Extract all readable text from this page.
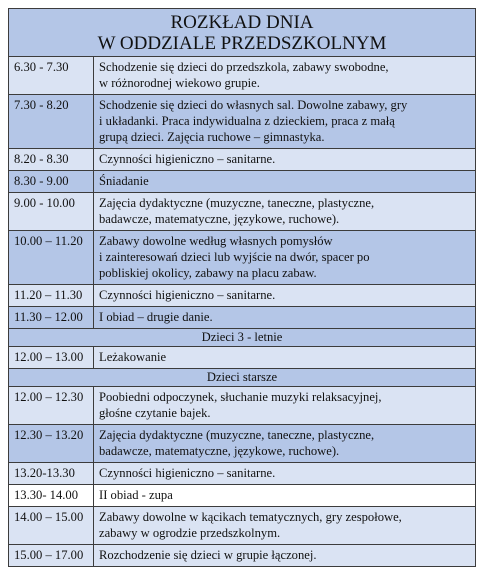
ROZKŁAD DNIA
W ODDZIALE PRZEDSZKOLNYM	

6.30 - 7.30	Schodzenie się dzieci do przedszkola, zabawy swobodne,
w różnorodnej wiekowo grupie.

7.30 - 8.20	Schodzenie się dzieci do własnych sal. Dowolne zabawy, gry
i układanki. Praca indywidualna z dzieckiem, praca z małą
grupą dzieci. Zajęcia ruchowe – gimnastyka.

8.20 - 8.30	Czynności higieniczno – sanitarne.

8.30 - 9.00	Śniadanie

9.00 - 10.00	Zajęcia dydaktyczne (muzyczne, taneczne, plastyczne,
badawcze, matematyczne, językowe, ruchowe).

10.00 – 11.20	Zabawy dowolne według własnych pomysłów
i zainteresowań dzieci lub wyjście na dwór, spacer po
pobliskiej okolicy, zabawy na placu zabaw.

11.20 – 11.30	Czynności higieniczno – sanitarne.

11.30 – 12.00	I obiad – drugie danie.

Dzieci 3 - letnie	
12.00 – 13.00	Leżakowanie

Dzieci starsze	
12.00 – 12.30	Poobiedni odpoczynek, słuchanie muzyki relaksacyjnej,
głośne czytanie bajek.

12.30 – 13.20	Zajęcia dydaktyczne (muzyczne, taneczne, plastyczne,
badawcze, matematyczne, językowe, ruchowe).

13.20-13.30	Czynności higieniczno – sanitarne.

13.30- 14.00	II obiad - zupa

14.00 – 15.00	Zabawy dowolne w kącikach tematycznych, gry zespołowe,
zabawy w ogrodzie przedszkolnym.

15.00 – 17.00	Rozchodzenie się dzieci w grupie łączonej.
